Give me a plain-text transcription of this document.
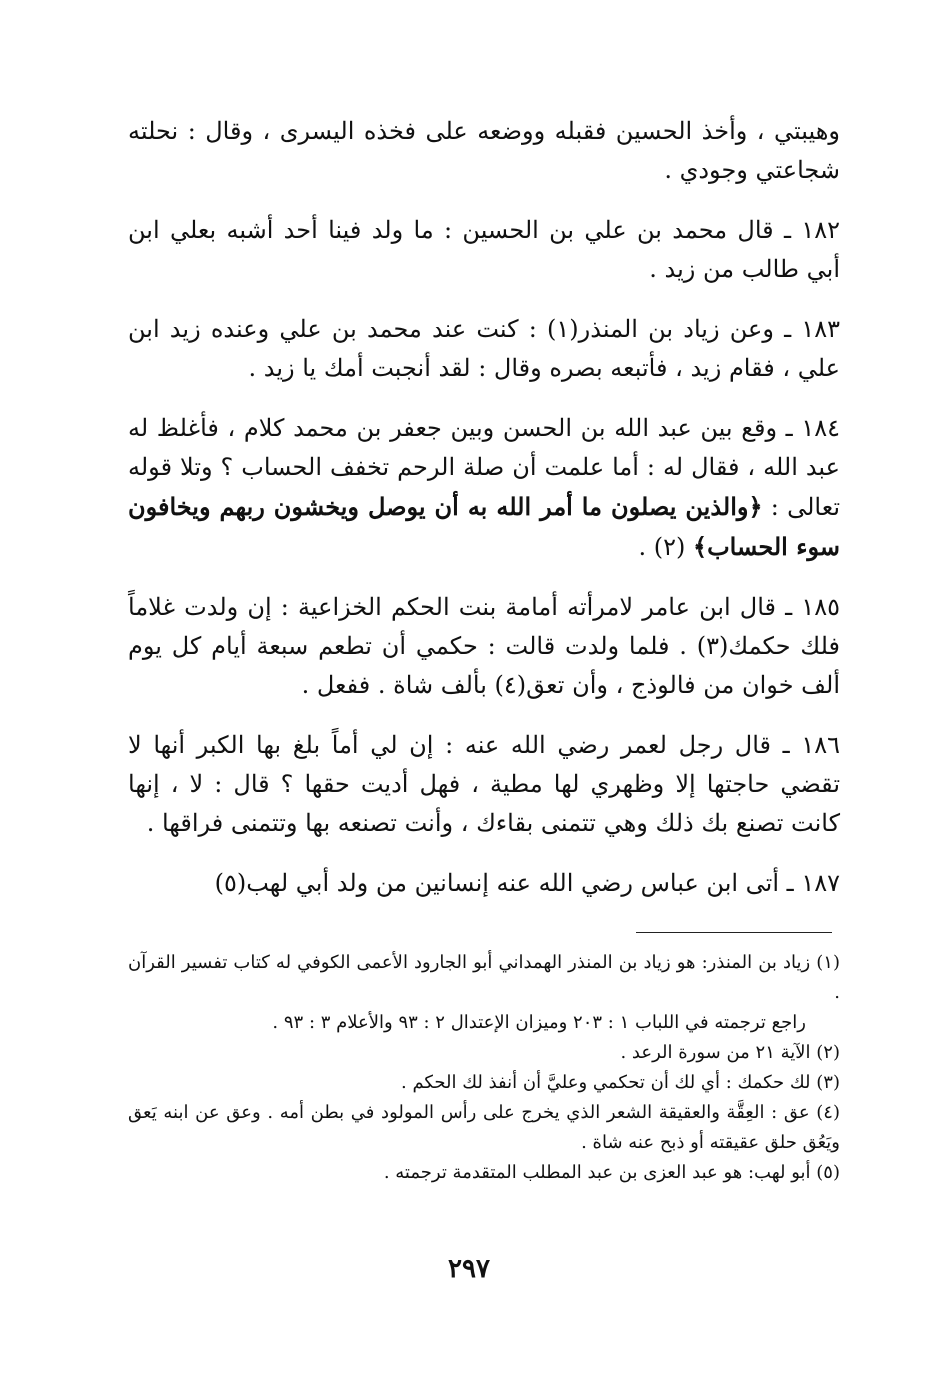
وهيبتي ، وأخذ الحسين فقبله ووضعه على فخذه اليسرى ، وقال : نحلته شجاعتي وجودي .

١٨٢ ـ قال محمد بن علي بن الحسين : ما ولد فينا أحد أشبه بعلي ابن أبي طالب من زيد .

١٨٣ ـ وعن زياد بن المنذر(١) : كنت عند محمد بن علي وعنده زيد ابن علي ، فقام زيد ، فأتبعه بصره وقال : لقد أنجبت أمك يا زيد .

١٨٤ ـ وقع بين عبد الله بن الحسن وبين جعفر بن محمد كلام ، فأغلظ له عبد الله ، فقال له : أما علمت أن صلة الرحم تخفف الحساب ؟ وتلا قوله تعالى : ﴿والذين يصلون ما أمر الله به أن يوصل ويخشون ربهم ويخافون سوء الحساب﴾ (٢) .

١٨٥ ـ قال ابن عامر لامرأته أمامة بنت الحكم الخزاعية : إن ولدت غلاماً فلك حكمك(٣) . فلما ولدت قالت : حكمي أن تطعم سبعة أيام كل يوم ألف خوان من فالوذج ، وأن تعق(٤) بألف شاة . ففعل .

١٨٦ ـ قال رجل لعمر رضي الله عنه : إن لي أماً بلغ بها الكبر أنها لا تقضي حاجتها إلا وظهري لها مطية ، فهل أديت حقها ؟ قال : لا ، إنها كانت تصنع بك ذلك وهي تتمنى بقاءك ، وأنت تصنعه بها وتتمنى فراقها .

١٨٧ ـ أتى ابن عباس رضي الله عنه إنسانين من ولد أبي لهب(٥)

(١) زياد بن المنذر: هو زياد بن المنذر الهمداني أبو الجارود الأعمى الكوفي له كتاب تفسير القرآن .

راجع ترجمته في اللباب ١ : ٢٠٣ وميزان الإعتدال ٢ : ٩٣ والأعلام ٣ : ٩٣ .

(٢) الآية ٢١ من سورة الرعد .

(٣) لك حكمك : أي لك أن تحكمي وعليَّ أن أنفذ لك الحكم .

(٤) عق : العِقَّة والعقيقة الشعر الذي يخرج على رأس المولود في بطن أمه . وعق عن ابنه يَعق ويَعُق حلق عقيقته أو ذبح عنه شاة .

(٥) أبو لهب: هو عبد العزى بن عبد المطلب المتقدمة ترجمته .

٢٩٧
